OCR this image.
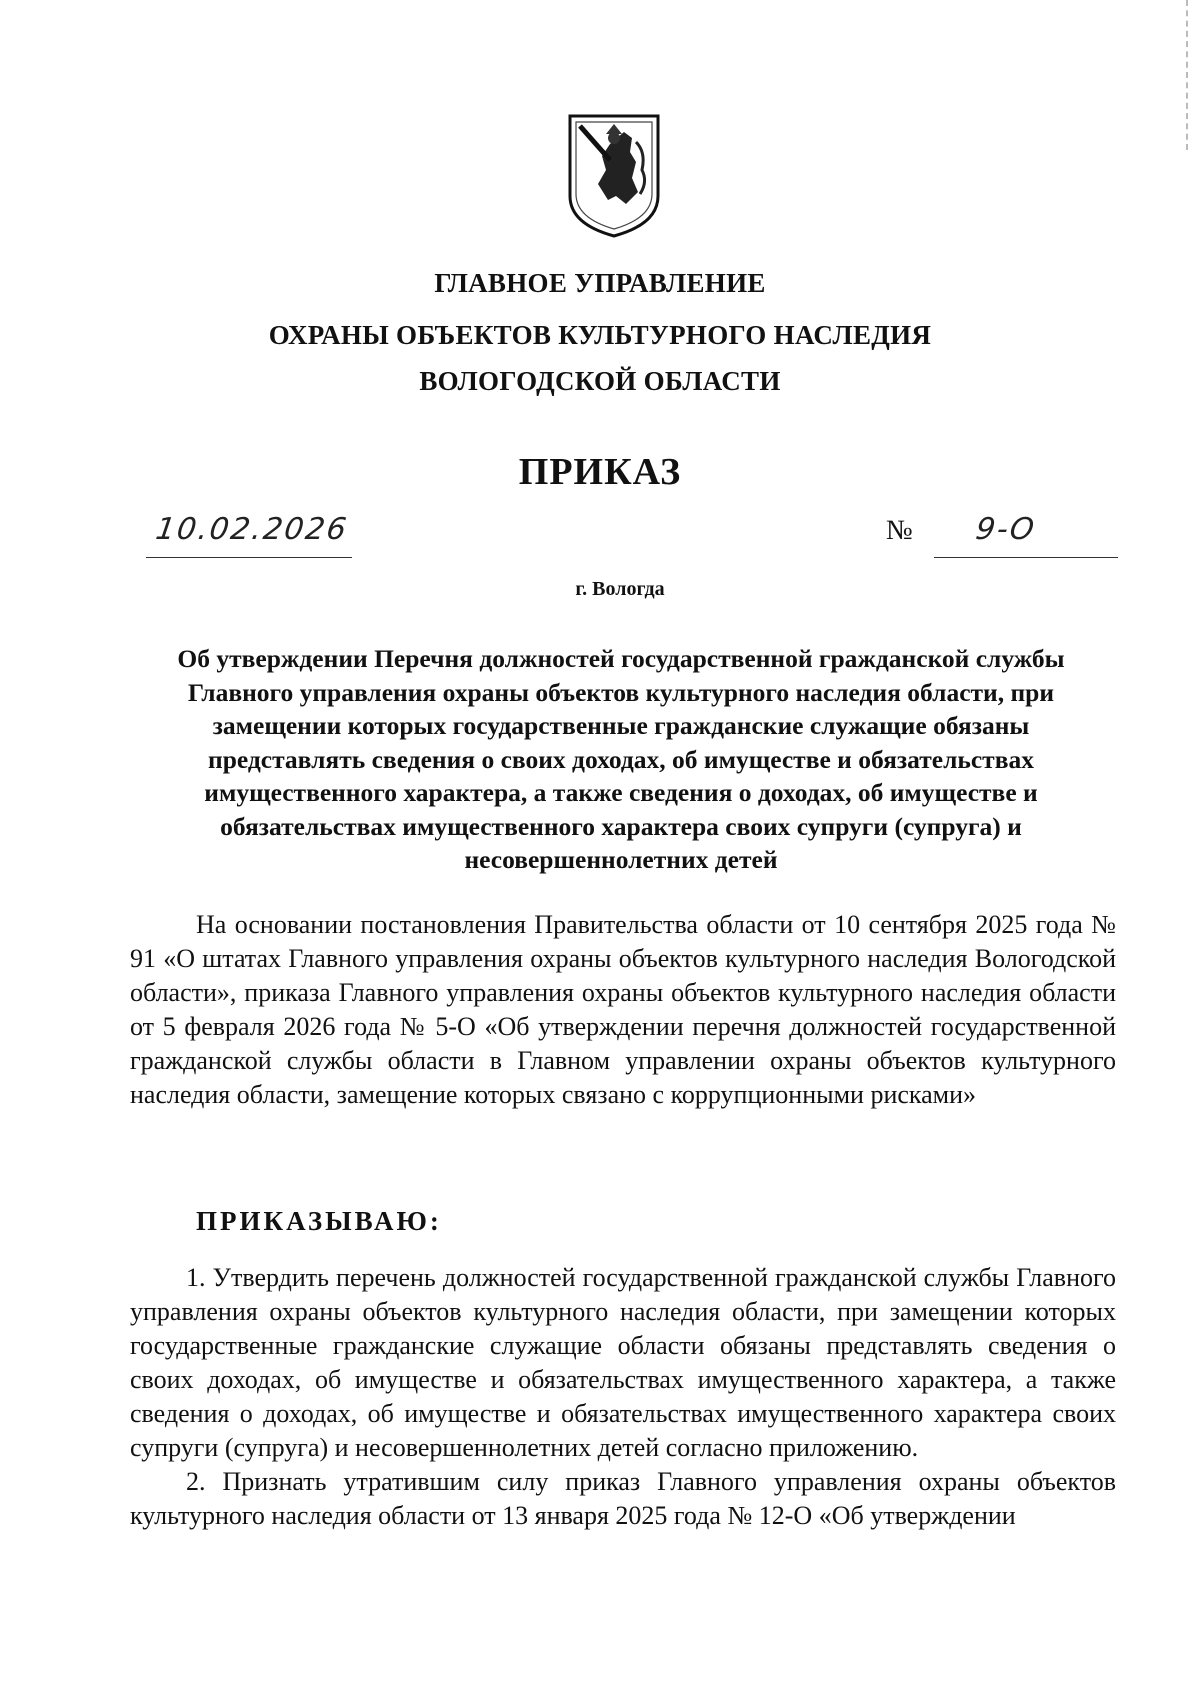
ГЛАВНОЕ УПРАВЛЕНИЕ
ОХРАНЫ ОБЪЕКТОВ КУЛЬТУРНОГО НАСЛЕДИЯ
ВОЛОГОДСКОЙ ОБЛАСТИ
ПРИКАЗ
10.02.2026	№ 9-О
г. Вологда
Об утверждении Перечня должностей государственной гражданской службы Главного управления охраны объектов культурного наследия области, при замещении которых государственные гражданские служащие обязаны представлять сведения о своих доходах, об имуществе и обязательствах имущественного характера, а также сведения о доходах, об имуществе и обязательствах имущественного характера своих супруги (супруга) и несовершеннолетних детей
На основании постановления Правительства области от 10 сентября 2025 года № 91 «О штатах Главного управления охраны объектов культурного наследия Вологодской области», приказа Главного управления охраны объектов культурного наследия области от 5 февраля 2026 года № 5-О «Об утверждении перечня должностей государственной гражданской службы области в Главном управлении охраны объектов культурного наследия области, замещение которых связано с коррупционными рисками»
ПРИКАЗЫВАЮ:
1. Утвердить перечень должностей государственной гражданской службы Главного управления охраны объектов культурного наследия области, при замещении которых государственные гражданские служащие области обязаны представлять сведения о своих доходах, об имуществе и обязательствах имущественного характера, а также сведения о доходах, об имуществе и обязательствах имущественного характера своих супруги (супруга) и несовершеннолетних детей согласно приложению.
2. Признать утратившим силу приказ Главного управления охраны объектов культурного наследия области от 13 января 2025 года № 12-О «Об утверждении
